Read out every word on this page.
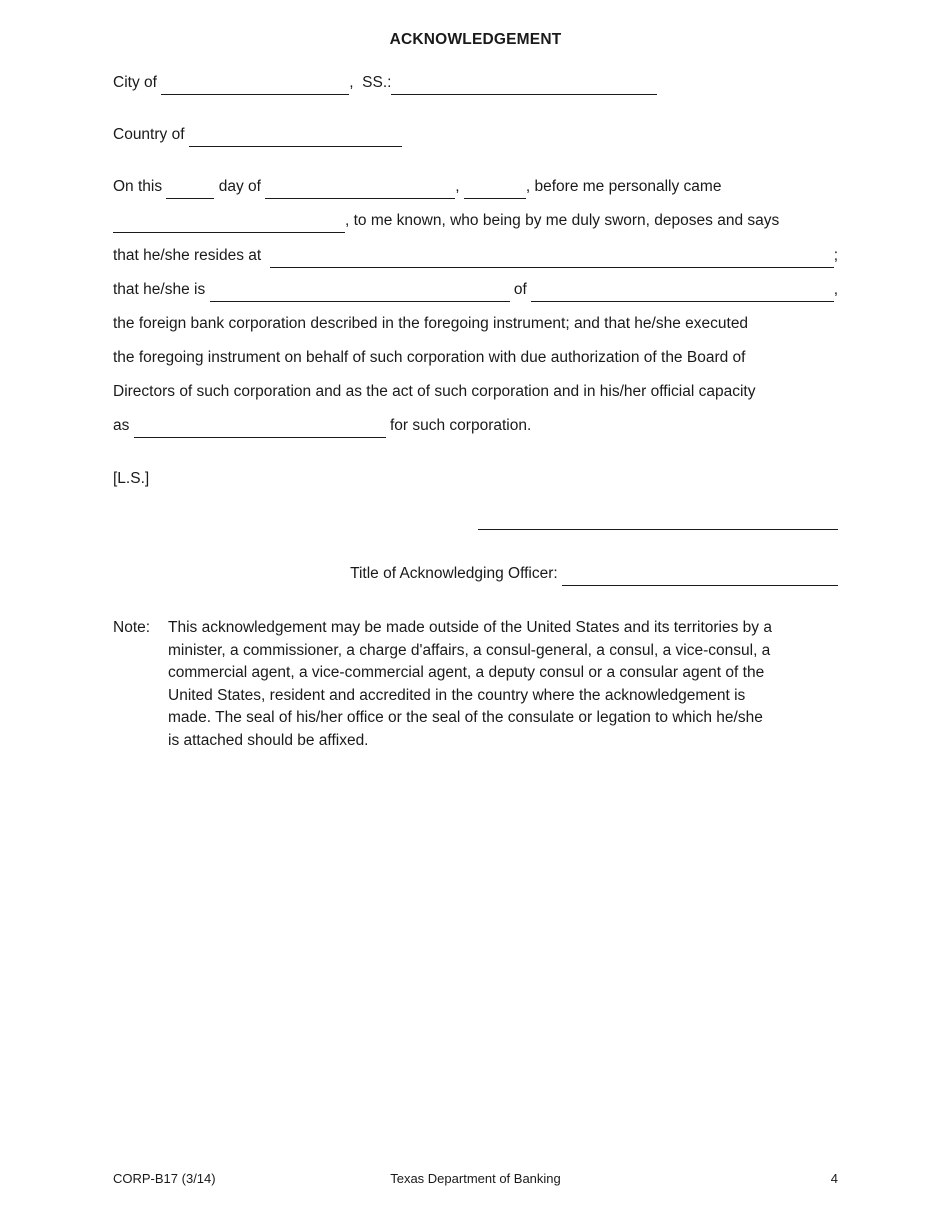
ACKNOWLEDGEMENT
City of	,  SS.:
Country of
On this	day of	,	, before me personally came
, to me known, who being by me duly sworn, deposes and says
that he/she resides at	;
that he/she is	of	,
the foreign bank corporation described in the foregoing instrument; and that he/she executed
the foregoing instrument on behalf of such corporation with due authorization of the Board of
Directors of such corporation and as the act of such corporation and in his/her official capacity
as	for such corporation.
[L.S.]
Title of Acknowledging Officer:
Note:	This acknowledgement may be made outside of the United States and its territories by a
minister, a commissioner, a charge d'affairs, a consul-general, a consul, a vice-consul, a
commercial agent, a vice-commercial agent, a deputy consul or a consular agent of the
United States, resident and accredited in the country where the acknowledgement is
made. The seal of his/her office or the seal of the consulate or legation to which he/she
is attached should be affixed.
CORP-B17 (3/14)	Texas Department of Banking	4
